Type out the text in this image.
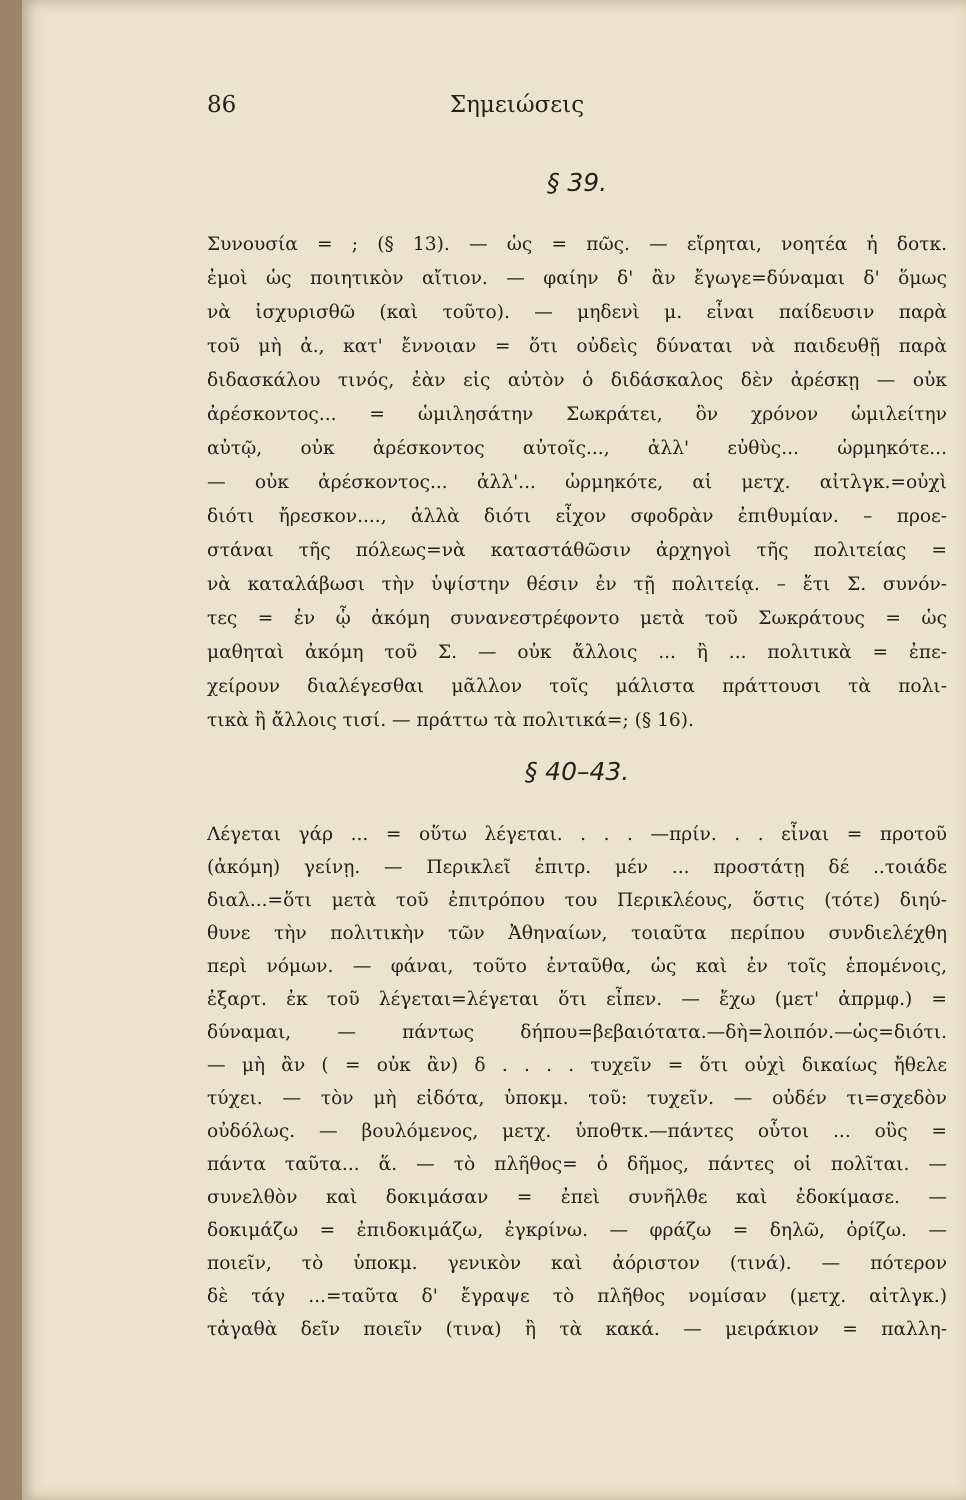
86	Σημειώσεις
§ 39.
Συνουσία = ; (§ 13). — ὡς = πῶς. — εἴρηται, νοητέα ἡ δοτκ.
ἐμοὶ ὡς ποιητικὸν αἴτιον. — φαίην δ' ἂν ἔγωγε=δύναμαι δ' ὅμως
νὰ ἰσχυρισθῶ (καὶ τοῦτο). — μηδενὶ μ. εἶναι παίδευσιν παρὰ
τοῦ μὴ ἀ., κατ' ἔννοιαν = ὅτι οὐδεὶς δύναται νὰ παιδευθῇ παρὰ
διδασκάλου τινός, ἐὰν εἰς αὐτὸν ὁ διδάσκαλος δὲν ἀρέσκῃ — οὐκ
ἀρέσκοντος... = ὡμιλησάτην Σωκράτει, ὃν χρόνον ὡμιλείτην
αὐτῷ, οὐκ ἀρέσκοντος αὐτοῖς..., ἀλλ' εὐθὺς... ὡρμηκότε...
— οὐκ ἀρέσκοντος... ἀλλ'... ὡρμηκότε, αἱ μετχ. αἰτλγκ.=οὐχὶ
διότι ἤρεσκον...., ἀλλὰ διότι εἶχον σφοδρὰν ἐπιθυμίαν. – προε-
στάναι τῆς πόλεως=νὰ καταστάθῶσιν ἀρχηγοὶ τῆς πολιτείας =
νὰ καταλάβωσι τὴν ὑψίστην θέσιν ἐν τῇ πολιτείᾳ. – ἔτι Σ. συνόν-
τες = ἐν ᾧ ἀκόμη συνανεστρέφοντο μετὰ τοῦ Σωκράτους = ὡς
μαθηταὶ ἀκόμη τοῦ Σ. — οὐκ ἄλλοις ... ἢ ... πολιτικὰ = ἐπε-
χείρουν διαλέγεσθαι μᾶλλον τοῖς μάλιστα πράττουσι τὰ πολι-
τικὰ ἢ ἄλλοις τισί. — πράττω τὰ πολιτικά=; (§ 16).
§ 40–43.
Λέγεται γάρ ... = οὕτω λέγεται. . . . —πρίν. . . εἶναι = προτοῦ
(ἀκόμη) γείνῃ. — Περικλεῖ ἐπιτρ. μέν ... προστάτῃ δέ ..τοιάδε
διαλ...=ὅτι μετὰ τοῦ ἐπιτρόπου του Περικλέους, ὅστις (τότε) διηύ-
θυνε τὴν πολιτικὴν τῶν Ἀθηναίων, τοιαῦτα περίπου συνδιελέχθη
περὶ νόμων. — φάναι, τοῦτο ἐνταῦθα, ὡς καὶ ἐν τοῖς ἑπομένοις,
ἐξαρτ. ἐκ τοῦ λέγεται=λέγεται ὅτι εἶπεν. — ἔχω (μετ' ἀπρμφ.) =
δύναμαι, — πάντως δήπου=βεβαιότατα.—δὴ=λοιπόν.—ὡς=διότι.
— μὴ ἂν ( = οὐκ ἂν) δ . . . . τυχεῖν = ὅτι οὐχὶ δικαίως ἤθελε
τύχει. — τὸν μὴ εἰδότα, ὑποκμ. τοῦ: τυχεῖν. — οὐδέν τι=σχεδὸν
οὐδόλως. — βουλόμενος, μετχ. ὑποθτκ.—πάντες οὗτοι ... οὓς =
πάντα ταῦτα... ἅ. — τὸ πλῆθος= ὁ δῆμος, πάντες οἱ πολῖται. —
συνελθὸν καὶ δοκιμάσαν = ἐπεὶ συνῆλθε καὶ ἐδοκίμασε. —
δοκιμάζω = ἐπιδοκιμάζω, ἐγκρίνω. — φράζω = δηλῶ, ὁρίζω. —
ποιεῖν, τὸ ὑποκμ. γενικὸν καὶ ἀόριστον (τινά). — πότερον
δὲ τάγ ...=ταῦτα δ' ἔγραψε τὸ πλῆθος νομίσαν (μετχ. αἰτλγκ.)
τἀγαθὰ δεῖν ποιεῖν (τινα) ἢ τὰ κακά. — μειράκιον = παλλη-
